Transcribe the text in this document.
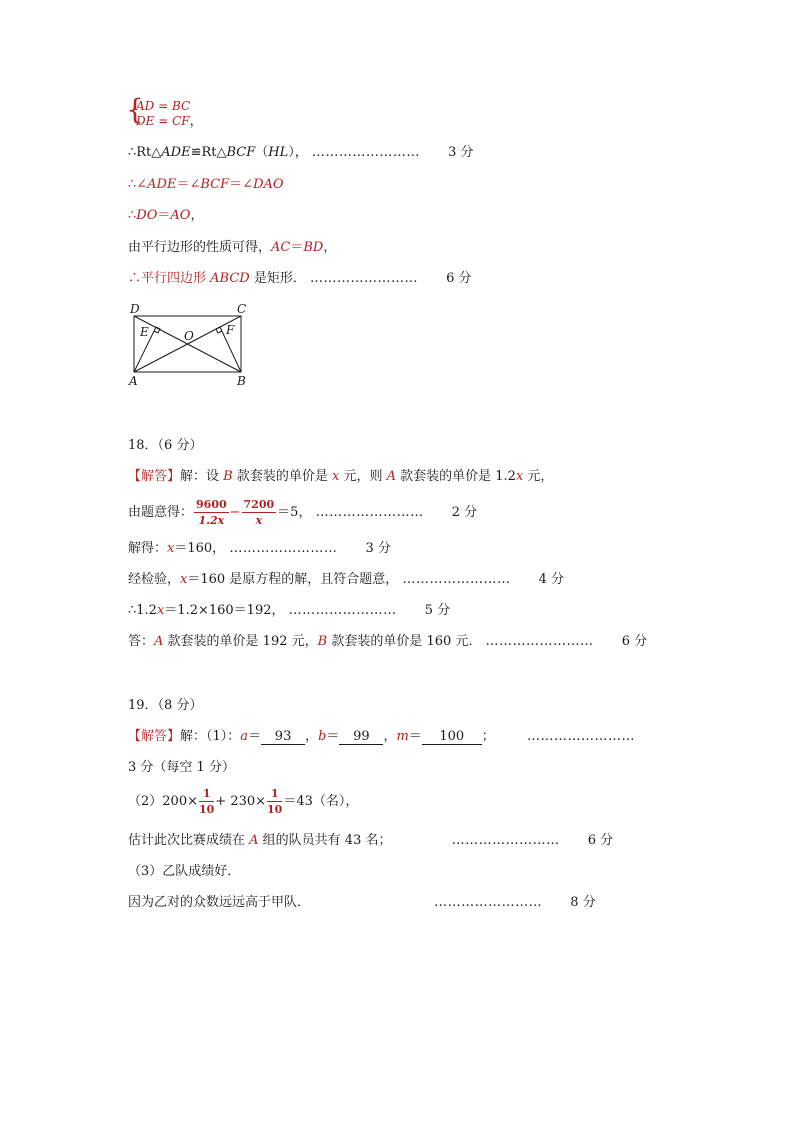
{
AD = BC
DE = CF，
∴Rt△ADE≌Rt△BCF（HL）， …………………… 3 分
∴∠ADE＝∠BCF＝∠DAO
∴DO＝AO，
由平行边形的性质可得，AC＝BD，
∴平行四边形 ABCD 是矩形． …………………… 6 分
D	C
A	B
E	F
O
18．（6 分）
【解答】解：设 B 款套装的单价是 x 元，则 A 款套装的单价是 1.2x 元，
由题意得： $\frac{9600}{1.2x} - \frac{7200}{x} =5$， …………………… 2 分
解得：x＝160， …………………… 3 分
经检验，x＝160 是原方程的解，且符合题意， …………………… 4 分
∴1.2x＝1.2×160＝192， …………………… 5 分
答：A 款套装的单价是 192 元，B 款套装的单价是 160 元． …………………… 6 分
19．（8 分）
【解答】解：（1）：a＝ 93 ，b＝ 99 ，m＝ 100 ； ……………………
3 分（每空 1 分）
$(2)200\times \frac{1}{10} + 230\times \frac{1}{10} =43$（名），
估计此次比赛成绩在 A 组的队员共有 43 名；	…………………… 6 分
（3）乙队成绩好．
因为乙对的众数远远高于甲队．	…………………… 8 分
